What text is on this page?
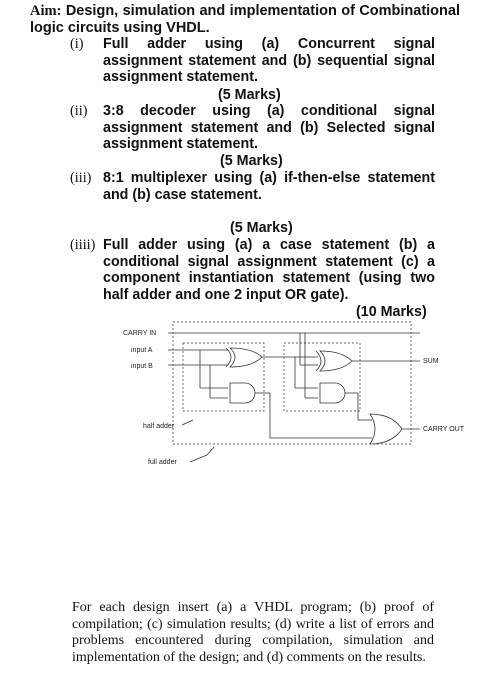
Aim: Design, simulation and implementation of Combinational logic circuits using VHDL.
(i) Full adder using (a) Concurrent signal assignment statement and (b) sequential signal assignment statement.
(5 Marks)
(ii) 3:8 decoder using (a) conditional signal assignment statement and (b) Selected signal assignment statement.
(5 Marks)
(iii) 8:1 multiplexer using (a) if-then-else statement and (b) case statement.
(5 Marks)
(iiii) Full adder using (a) a case statement (b) a conditional signal assignment statement (c) a component instantiation statement (using two half adder and one 2 input OR gate).
(10 Marks)
CARRY IN
input A
input B
SUM
half adder	CARRY OUT
full adder
For each design insert (a) a VHDL program; (b) proof of compilation; (c) simulation results; (d) write a list of errors and problems encountered during compilation, simulation and implementation of the design; and (d) comments on the results.
